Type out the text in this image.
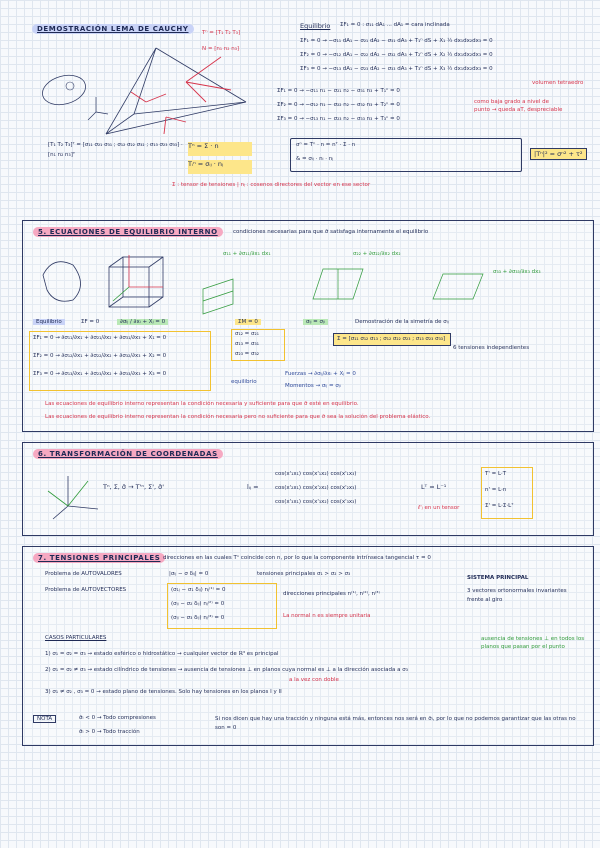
DEMOSTRACIÓN LEMA DE CAUCHY	Tⁿ = [T₁ T₂ T₃]
N = [n₁ n₂ n₃]
Equilibrio ΣF₁ = 0 : σ₁₁ dA₁ ... dA₁ = cara inclinada
ΣF₁ = 0 → −σ₁₁ dA₁ − σ₂₁ dA₂ − σ₃₁ dA₃ + T₁ⁿ dS + X₁ ½ dx₁dx₂dx₃ = 0
ΣF₂ = 0 → −σ₁₂ dA₁ − σ₂₂ dA₂ − σ₃₂ dA₃ + T₂ⁿ dS + X₂ ½ dx₁dx₂dx₃ = 0
ΣF₃ = 0 → −σ₁₃ dA₁ − σ₂₃ dA₂ − σ₃₃ dA₃ + T₃ⁿ dS + X₃ ½ dx₁dx₂dx₃ = 0
volumen tetraedro
ΣF₁ = 0 → −σ₁₁ n₁ − σ₂₁ n₂ − σ₃₁ n₃ + T₁ⁿ = 0
ΣF₂ = 0 → −σ₁₂ n₁ − σ₂₂ n₂ − σ₃₂ n₃ + T₂ⁿ = 0
ΣF₃ = 0 → −σ₁₃ n₁ − σ₂₃ n₂ − σ₃₃ n₃ + T₃ⁿ = 0
como baja grado a nivel de punto → queda aT, despreciable
[T₁ T₂ T₃]ᵀ = [σ₁₁ σ₂₁ σ₃₁ ; σ₁₂ σ₂₂ σ₃₂ ; σ₁₃ σ₂₃ σ₃₃] · [n₁ n₂ n₃]ᵀ
Tⁿ = Σ · n
Tᵢⁿ = σᵢⱼ · nⱼ
σⁿ = Tⁿ · n = nᵀ · Σ · n
& = σᵢⱼ · nᵢ · nⱼ
|Tⁿ|² = σⁿ² + τ²
Σ : tensor de tensiones | nⱼ : cosenos directores del vector en ese sector
5. ECUACIONES DE EQUILIBRIO INTERNO	condiciones necesarias para que σ̄ satisfaga internamente el equilibrio
σ₁₁ + ∂σ₁₁/∂x₁ dx₁	σ₂₂ + ∂σ₂₂/∂x₂ dx₂
σ₃₃ + ∂σ₃₃/∂x₃ dx₃
Equilibrio	ΣF = 0	∂σᵢⱼ / ∂xᵢ + Xⱼ = 0	ΣM = 0	σᵢⱼ = σⱼᵢ	Demostración de la simetría de σᵢⱼ
ΣF₁ = 0 → ∂σ₁₁/∂x₁ + ∂σ₂₁/∂x₂ + ∂σ₃₁/∂x₃ + X₁ = 0
ΣF₂ = 0 → ∂σ₁₂/∂x₁ + ∂σ₂₂/∂x₂ + ∂σ₃₂/∂x₃ + X₂ = 0
ΣF₃ = 0 → ∂σ₁₃/∂x₁ + ∂σ₂₃/∂x₂ + ∂σ₃₃/∂x₃ + X₃ = 0
σ₁₂ = σ₂₁
σ₁₃ = σ₃₁
σ₂₃ = σ₃₂
Σ = [σ₁₁ σ₁₂ σ₁₃ ; σ₁₂ σ₂₂ σ₂₃ ; σ₁₃ σ₂₃ σ₃₃]
6 tensiones independientes
equilibrio
Fuerzas → ∂σᵢⱼ/∂xᵢ + Xⱼ = 0
Momentos → σᵢⱼ = σⱼᵢ
Las ecuaciones de equilibrio interno representan la condición necesaria y suficiente para que σ̄ esté en equilibrio.
Las ecuaciones de equilibrio interno representan la condición necesaria pero no suficiente para que σ̄ sea la solución del problema elástico.
6. TRANSFORMACIÓN DE COORDENADAS
Tⁿ, Σ, σ̄ → T'ⁿ, Σ', σ̄'	lᵢⱼ =
cos(x'₁x₁) cos(x'₁x₂) cos(x'₁x₃)
cos(x'₂x₁) cos(x'₂x₂) cos(x'₂x₃)
cos(x'₃x₁) cos(x'₃x₂) cos(x'₃x₃)
Lᵀ = L⁻¹
ℓ'ⱼ en un tensor
T' = L·T
n' = L·n
Σ' = L·Σ·Lᵀ
7. TENSIONES PRINCIPALES direcciones en las cuales Tⁿ coincide con n, por lo que la componente intrínseca tangencial τ = 0
Problema de AUTOVALORES	|σᵢⱼ − σ δᵢⱼ| = 0	tensiones principales σ₁ > σ₂ > σ₃
Problema de AUTOVECTORES	(σ₁ⱼ − σ₁ δᵢⱼ) nⱼ⁽¹⁾ = 0
(σᵢⱼ − σ₂ δᵢⱼ) nⱼ⁽²⁾ = 0
(σᵢⱼ − σ₃ δᵢⱼ) nⱼ⁽³⁾ = 0
direcciones principales n⁽¹⁾, n⁽²⁾, n⁽³⁾
La normal n es siempre unitaria
SISTEMA PRINCIPAL
3 vectores ortonormales invariantes frente al giro
CASOS PARTICULARES
1) σ₁ = σ₂ = σ₃ → estado esférico o hidrostático → cualquier vector de ℝ³ es principal
ausencia de tensiones ⊥ en todos los planos que pasan por el punto
2) σ₁ = σ₂ ≠ σ₃ → estado cilíndrico de tensiones → ausencia de tensiones ⊥ en planos cuya normal es ⊥ a la dirección asociada a σ₃
a la vez con doble
3) σ₁ ≠ σ₂ , σ₃ = 0 → estado plano de tensiones. Solo hay tensiones en los planos I y II
NOTA	σ̄ᵢ < 0 → Todo compresiones
σ̄ᵢ > 0 → Todo tracción
Si nos dicen que hay una tracción y ninguna está más, entonces nos será en σ̄ᵢ, por lo que no podemos garantizar que las otras no son = 0
